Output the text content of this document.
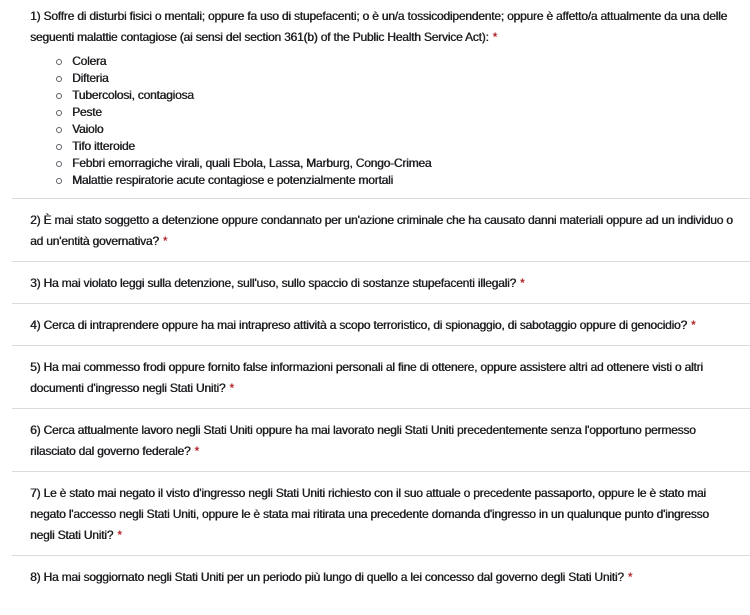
1) Soffre di disturbi fisici o mentali; oppure fa uso di stupefacenti; o è un/a tossicodipendente; oppure è affetto/a attualmente da una delle seguenti malattie contagiose (ai sensi del section 361(b) of the Public Health Service Act): *

Colera
Difteria
Tubercolosi, contagiosa
Peste
Vaiolo
Tifo itteroide
Febbri emorragiche virali, quali Ebola, Lassa, Marburg, Congo-Crimea
Malattie respiratorie acute contagiose e potenzialmente mortali

2) È mai stato soggetto a detenzione oppure condannato per un'azione criminale che ha causato danni materiali oppure ad un individuo o ad un'entità governativa? *

3) Ha mai violato leggi sulla detenzione, sull'uso, sullo spaccio di sostanze stupefacenti illegali? *

4) Cerca di intraprendere oppure ha mai intrapreso attività a scopo terroristico, di spionaggio, di sabotaggio oppure di genocidio? *

5) Ha mai commesso frodi oppure fornito false informazioni personali al fine di ottenere, oppure assistere altri ad ottenere visti o altri documenti d'ingresso negli Stati Uniti? *

6) Cerca attualmente lavoro negli Stati Uniti oppure ha mai lavorato negli Stati Uniti precedentemente senza l'opportuno permesso rilasciato dal governo federale? *

7) Le è stato mai negato il visto d'ingresso negli Stati Uniti richiesto con il suo attuale o precedente passaporto, oppure le è stato mai negato l'accesso negli Stati Uniti, oppure le è stata mai ritirata una precedente domanda d'ingresso in un qualunque punto d'ingresso negli Stati Uniti? *

8) Ha mai soggiornato negli Stati Uniti per un periodo più lungo di quello a lei concesso dal governo degli Stati Uniti? *
